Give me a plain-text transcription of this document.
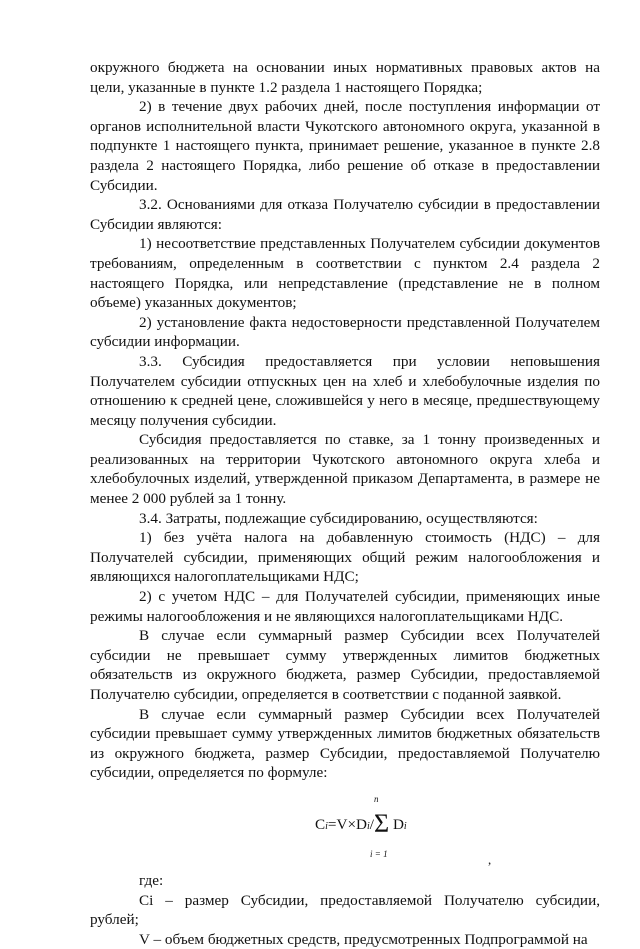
окружного бюджета на основании иных нормативных правовых актов на цели, указанные в пункте 1.2 раздела 1 настоящего Порядка;

2) в течение двух рабочих дней, после поступления информации от органов исполнительной власти Чукотского автономного округа, указанной в подпункте 1 настоящего пункта, принимает решение, указанное в пункте 2.8 раздела 2 настоящего Порядка, либо решение об отказе в предоставлении Субсидии.

3.2. Основаниями для отказа Получателю субсидии в предоставлении Субсидии являются:

1) несоответствие представленных Получателем субсидии документов требованиям, определенным в соответствии с пунктом 2.4 раздела 2 настоящего Порядка, или непредставление (представление не в полном объеме) указанных документов;

2) установление факта недостоверности представленной Получателем субсидии информации.

3.3. Субсидия предоставляется при условии неповышения Получателем субсидии отпускных цен на хлеб и хлебобулочные изделия по отношению к средней цене, сложившейся у него в месяце, предшествующему месяцу получения субсидии.

Субсидия предоставляется по ставке, за 1 тонну произведенных и реализованных на территории Чукотского автономного округа хлеба и хлебобулочных изделий, утвержденной приказом Департамента, в размере не менее 2 000 рублей за 1 тонну.

3.4. Затраты, подлежащие субсидированию, осуществляются:

1) без учёта налога на добавленную стоимость (НДС) – для Получателей субсидии, применяющих общий режим налогообложения и являющихся налогоплательщиками НДС;

2) с учетом НДС – для Получателей субсидии, применяющих иные режимы налогообложения и не являющихся налогоплательщиками НДС.

В случае если суммарный размер Субсидии всех Получателей субсидии не превышает сумму утвержденных лимитов бюджетных обязательств из окружного бюджета, размер Субсидии, предоставляемой Получателю субсидии, определяется в соответствии с поданной заявкой.

В случае если суммарный размер Субсидии всех Получателей субсидии превышает сумму утвержденных лимитов бюджетных обязательств из окружного бюджета, размер Субсидии, предоставляемой Получателю субсидии, определяется по формуле:

n
Ci=V×Di/Σ Di
i = 1	,

где:

Сi – размер Субсидии, предоставляемой Получателю субсидии, рублей;

V – объем бюджетных средств, предусмотренных Подпрограммой на
